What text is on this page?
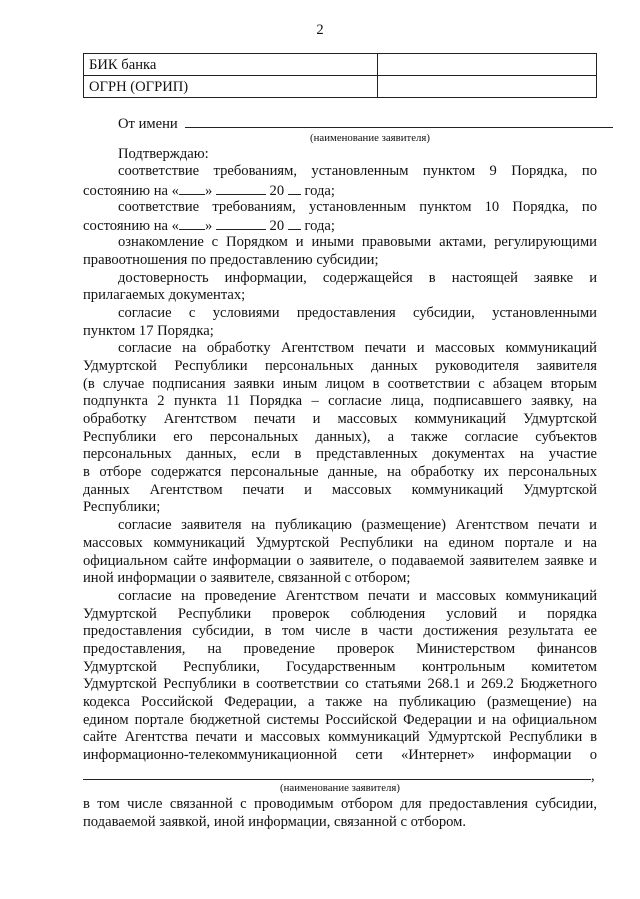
2
БИК банка	
ОГРН (ОГРИП)	
От имени
(наименование заявителя)
Подтверждаю:
соответствие требованиям, установленным пунктом 9 Порядка, по
состоянию на « »	20 года;
соответствие требованиям, установленным пунктом 10 Порядка, по
состоянию на « »	20 года;
ознакомление с Порядком и иными правовыми актами, регулирующими
правоотношения по предоставлению субсидии;
достоверность информации, содержащейся в настоящей заявке и
прилагаемых документах;
согласие с условиями предоставления субсидии, установленными
пунктом 17 Порядка;
согласие на обработку Агентством печати и массовых коммуникаций
Удмуртской Республики персональных данных руководителя заявителя
(в случае подписания заявки иным лицом в соответствии с абзацем вторым
подпункта 2 пункта 11 Порядка – согласие лица, подписавшего заявку, на
обработку Агентством печати и массовых коммуникаций Удмуртской
Республики его персональных данных), а также согласие субъектов
персональных данных, если в представленных документах на участие
в отборе содержатся персональные данные, на обработку их персональных
данных Агентством печати и массовых коммуникаций Удмуртской
Республики;
согласие заявителя на публикацию (размещение) Агентством печати и
массовых коммуникаций Удмуртской Республики на едином портале и на
официальном сайте информации о заявителе, о подаваемой заявителем заявке и
иной информации о заявителе, связанной с отбором;
согласие на проведение Агентством печати и массовых коммуникаций
Удмуртской Республики проверок соблюдения условий и порядка
предоставления субсидии, в том числе в части достижения результата ее
предоставления, на проведение проверок Министерством финансов
Удмуртской Республики, Государственным контрольным комитетом
Удмуртской Республики в соответствии со статьями 268.1 и 269.2 Бюджетного
кодекса Российской Федерации, а также на публикацию (размещение) на
едином портале бюджетной системы Российской Федерации и на официальном
сайте Агентства печати и массовых коммуникаций Удмуртской Республики в
информационно-телекоммуникационной сети «Интернет» информации о
,
(наименование заявителя)
в том числе связанной с проводимым отбором для предоставления субсидии,
подаваемой заявкой, иной информации, связанной с отбором.
